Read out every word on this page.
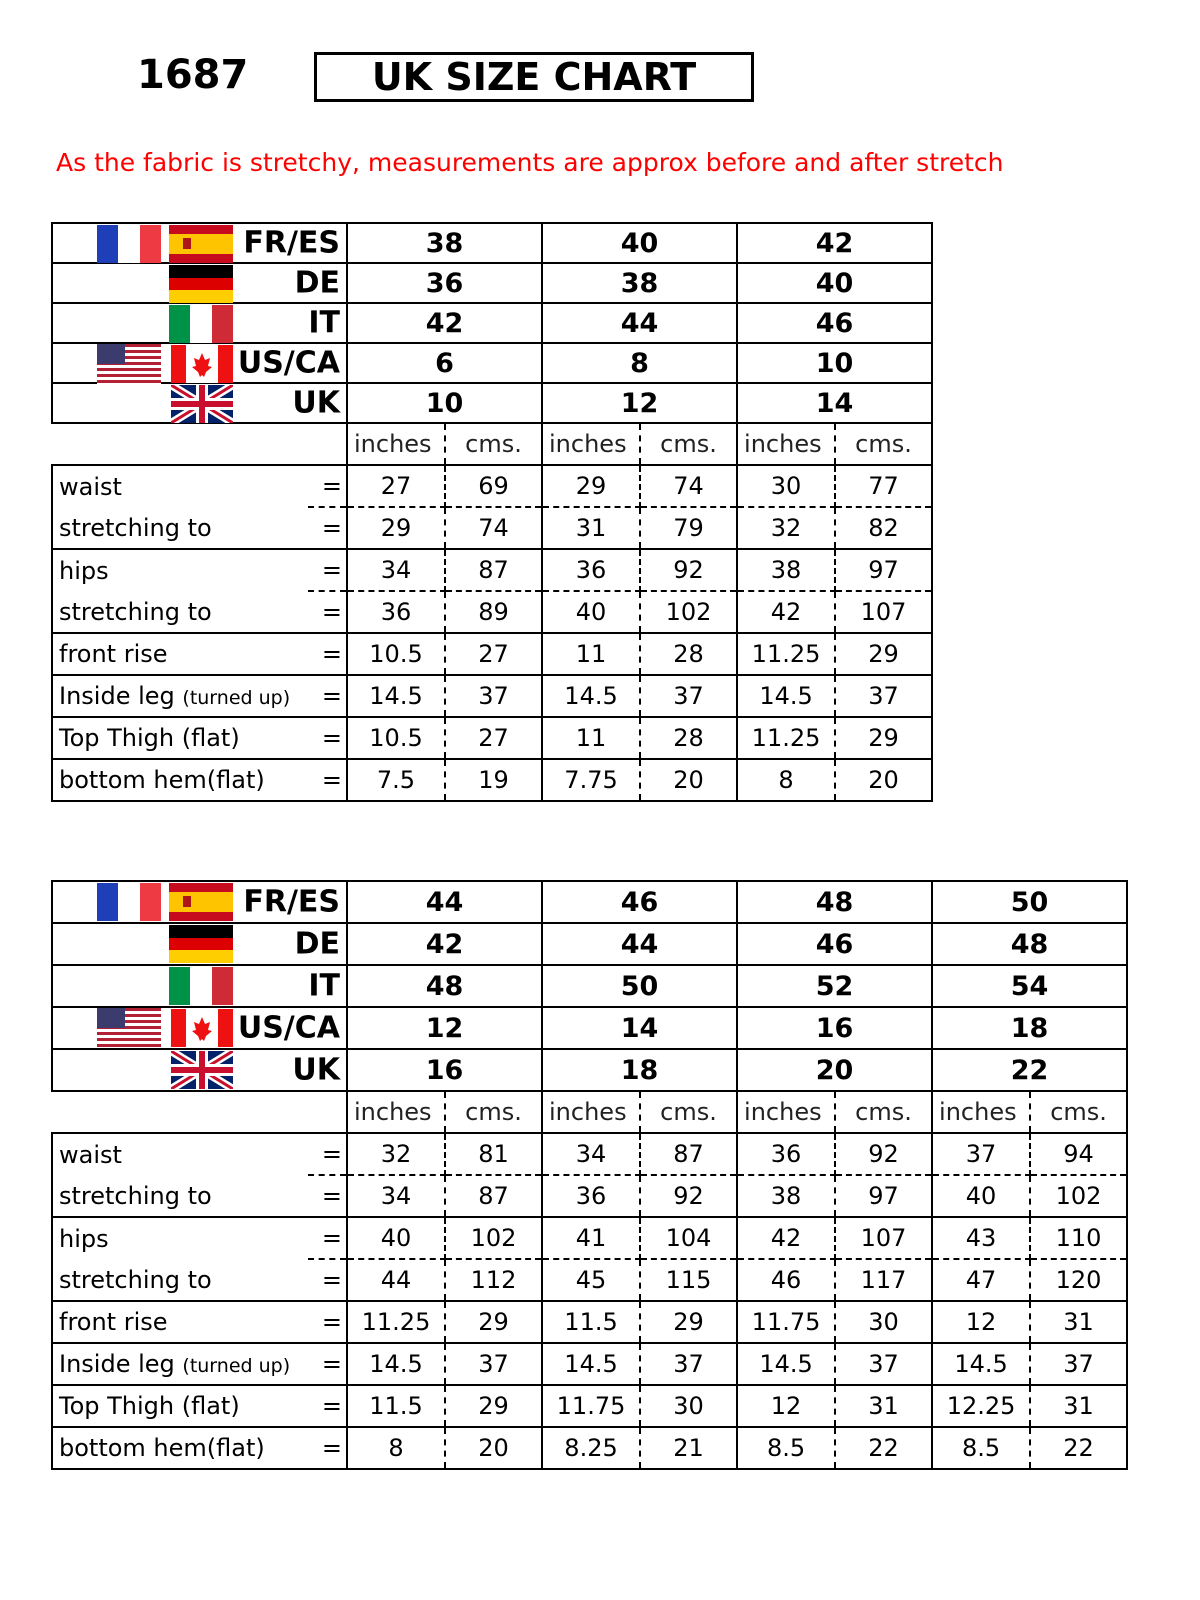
1687	UK SIZE CHART
As the fabric is stretchy, measurements are approx before and after stretch
FR/ES		38		40		42	

DE		36		38		40	

IT		42		44		46	

US/CA		6		8		10	

UK		10		12		14	
		inches	cms.	inches	cms.	inches	cms.
waist	=	27	69	29	74	30	77
stretching to	=	29	74	31	79	32	82
hips	=	34	87	36	92	38	97
stretching to	=	36	89	40	102	42	107
front rise	=	10.5	27	11	28	11.25	29
Inside leg (turned up)	=	14.5	37	14.5	37	14.5	37
Top Thigh (flat)	=	10.5	27	11	28	11.25	29
bottom hem(flat)	=	7.5	19	7.75	20	8	20
FR/ES		44		46		48		50	

DE		42		44		46		48	

IT		48		50		52		54	

US/CA		12		14		16		18	

UK		16		18		20		22	
		inches	cms.	inches	cms.	inches	cms.	inches	cms.
waist	=	32	81	34	87	36	92	37	94
stretching to	=	34	87	36	92	38	97	40	102
hips	=	40	102	41	104	42	107	43	110
stretching to	=	44	112	45	115	46	117	47	120
front rise	=	11.25	29	11.5	29	11.75	30	12	31
Inside leg (turned up)	=	14.5	37	14.5	37	14.5	37	14.5	37
Top Thigh (flat)	=	11.5	29	11.75	30	12	31	12.25	31
bottom hem(flat)	=	8	20	8.25	21	8.5	22	8.5	22
